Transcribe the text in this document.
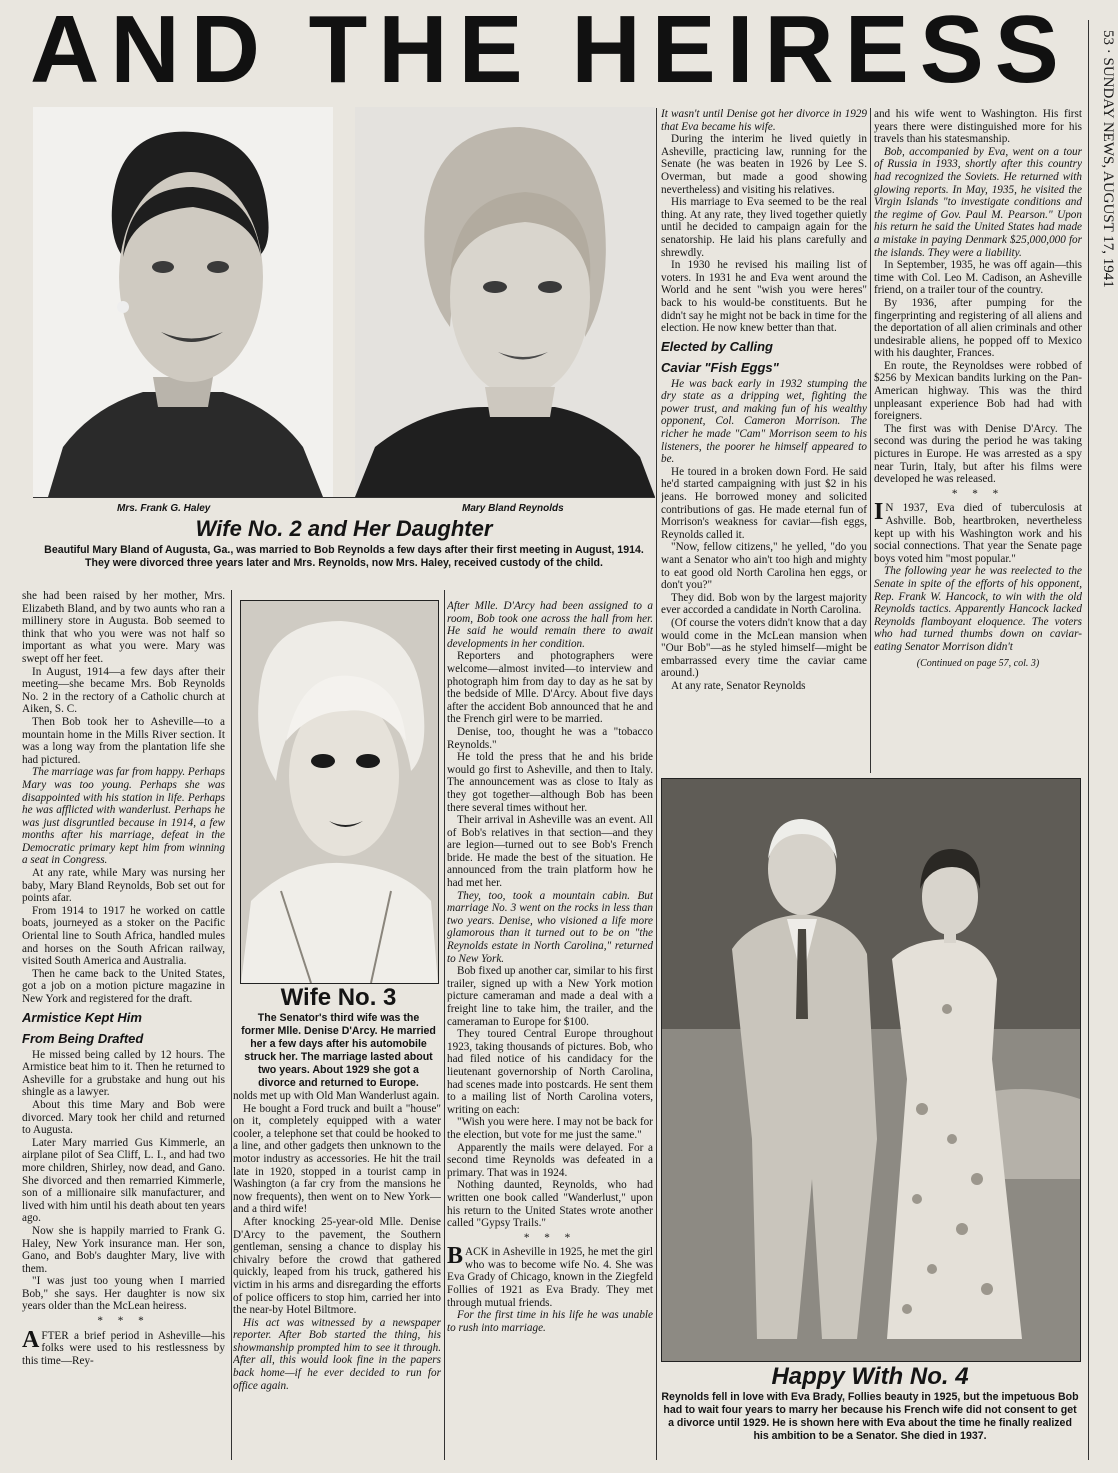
AND THE HEIRESS	53 · SUNDAY NEWS, AUGUST 17, 1941
Mrs. Frank G. Haley	Mary Bland Reynolds
Wife No. 2 and Her Daughter
Beautiful Mary Bland of Augusta, Ga., was married to Bob Reynolds a few days after their first meeting in August, 1914. They were divorced three years later and Mrs. Reynolds, now Mrs. Haley, received custody of the child.

she had been raised by her mother, Mrs. Elizabeth Bland, and by two aunts who ran a millinery store in Augusta. Bob seemed to think that who you were was not half so important as what you were. Mary was swept off her feet.

In August, 1914—a few days after their meeting—she became Mrs. Bob Reynolds No. 2 in the rectory of a Catholic church at Aiken, S. C.

Then Bob took her to Asheville—to a mountain home in the Mills River section. It was a long way from the plantation life she had pictured.

The marriage was far from happy. Perhaps Mary was too young. Perhaps she was disappointed with his station in life. Perhaps he was afflicted with wanderlust. Perhaps he was just disgruntled because in 1914, a few months after his marriage, defeat in the Democratic primary kept him from winning a seat in Congress.

At any rate, while Mary was nursing her baby, Mary Bland Reynolds, Bob set out for points afar.

From 1914 to 1917 he worked on cattle boats, journeyed as a stoker on the Pacific Oriental line to South Africa, handled mules and horses on the South African railway, visited South America and Australia.

Then he came back to the United States, got a job on a motion picture magazine in New York and registered for the draft.

Armistice Kept Him

From Being Drafted

He missed being called by 12 hours. The Armistice beat him to it. Then he returned to Asheville for a grubstake and hung out his shingle as a lawyer.

About this time Mary and Bob were divorced. Mary took her child and returned to Augusta.

Later Mary married Gus Kimmerle, an airplane pilot of Sea Cliff, L. I., and had two more children, Shirley, now dead, and Gano. She divorced and then remarried Kimmerle, son of a millionaire silk manufacturer, and lived with him until his death about ten years ago.

Now she is happily married to Frank G. Haley, New York insurance man. Her son, Gano, and Bob's daughter Mary, live with them.

"I was just too young when I married Bob," she says. Her daughter is now six years older than the McLean heiress.

* * *

AFTER a brief period in Asheville—his folks were used to his restlessness by this time—Rey-

Wife No. 3
The Senator's third wife was the former Mlle. Denise D'Arcy. He married her a few days after his automobile struck her. The marriage lasted about two years. About 1929 she got a divorce and returned to Europe.

nolds met up with Old Man Wanderlust again.

He bought a Ford truck and built a "house" on it, completely equipped with a water cooler, a telephone set that could be hooked to a line, and other gadgets then unknown to the motor industry as accessories. He hit the trail late in 1920, stopped in a tourist camp in Washington (a far cry from the mansions he now frequents), then went on to New York—and a third wife!

After knocking 25-year-old Mlle. Denise D'Arcy to the pavement, the Southern gentleman, sensing a chance to display his chivalry before the crowd that gathered quickly, leaped from his truck, gathered his victim in his arms and disregarding the efforts of police officers to stop him, carried her into the near-by Hotel Biltmore.

His act was witnessed by a newspaper reporter. After Bob started the thing, his showmanship prompted him to see it through. After all, this would look fine in the papers back home—if he ever decided to run for office again.

After Mlle. D'Arcy had been assigned to a room, Bob took one across the hall from her. He said he would remain there to await developments in her condition.

Reporters and photographers were welcome—almost invited—to interview and photograph him from day to day as he sat by the bedside of Mlle. D'Arcy. About five days after the accident Bob announced that he and the French girl were to be married.

Denise, too, thought he was a "tobacco Reynolds."

He told the press that he and his bride would go first to Asheville, and then to Italy. The announcement was as close to Italy as they got together—although Bob has been there several times without her.

Their arrival in Asheville was an event. All of Bob's relatives in that section—and they are legion—turned out to see Bob's French bride. He made the best of the situation. He announced from the train platform how he had met her.

They, too, took a mountain cabin. But marriage No. 3 went on the rocks in less than two years. Denise, who visioned a life more glamorous than it turned out to be on "the Reynolds estate in North Carolina," returned to New York.

Bob fixed up another car, similar to his first trailer, signed up with a New York motion picture cameraman and made a deal with a freight line to take him, the trailer, and the cameraman to Europe for $100.

They toured Central Europe throughout 1923, taking thousands of pictures. Bob, who had filed notice of his candidacy for the lieutenant governorship of North Carolina, had scenes made into postcards. He sent them to a mailing list of North Carolina voters, writing on each:

"Wish you were here. I may not be back for the election, but vote for me just the same."

Apparently the mails were delayed. For a second time Reynolds was defeated in a primary. That was in 1924.

Nothing daunted, Reynolds, who had written one book called "Wanderlust," upon his return to the United States wrote another called "Gypsy Trails."

* * *

BACK in Asheville in 1925, he met the girl who was to become wife No. 4. She was Eva Grady of Chicago, known in the Ziegfeld Follies of 1921 as Eva Brady. They met through mutual friends.

For the first time in his life he was unable to rush into marriage.

It wasn't until Denise got her divorce in 1929 that Eva became his wife.

During the interim he lived quietly in Asheville, practicing law, running for the Senate (he was beaten in 1926 by Lee S. Overman, but made a good showing nevertheless) and visiting his relatives.

His marriage to Eva seemed to be the real thing. At any rate, they lived together quietly until he decided to campaign again for the senatorship. He laid his plans carefully and shrewdly.

In 1930 he revised his mailing list of voters. In 1931 he and Eva went around the World and he sent "wish you were heres" back to his would-be constituents. But he didn't say he might not be back in time for the election. He now knew better than that.

Elected by Calling

Caviar "Fish Eggs"

He was back early in 1932 stumping the dry state as a dripping wet, fighting the power trust, and making fun of his wealthy opponent, Col. Cameron Morrison. The richer he made "Cam" Morrison seem to his listeners, the poorer he himself appeared to be.

He toured in a broken down Ford. He said he'd started campaigning with just $2 in his jeans. He borrowed money and solicited contributions of gas. He made eternal fun of Morrison's weakness for caviar—fish eggs, Reynolds called it.

"Now, fellow citizens," he yelled, "do you want a Senator who ain't too high and mighty to eat good old North Carolina hen eggs, or don't you?"

They did. Bob won by the largest majority ever accorded a candidate in North Carolina.

(Of course the voters didn't know that a day would come in the McLean mansion when "Our Bob"—as he styled himself—might be embarrassed every time the caviar came around.)

At any rate, Senator Reynolds

and his wife went to Washington. His first years there were distinguished more for his travels than his statesmanship.

Bob, accompanied by Eva, went on a tour of Russia in 1933, shortly after this country had recognized the Soviets. He returned with glowing reports. In May, 1935, he visited the Virgin Islands "to investigate conditions and the regime of Gov. Paul M. Pearson." Upon his return he said the United States had made a mistake in paying Denmark $25,000,000 for the islands. They were a liability.

In September, 1935, he was off again—this time with Col. Leo M. Cadison, an Asheville friend, on a trailer tour of the country.

By 1936, after pumping for the fingerprinting and registering of all aliens and the deportation of all alien criminals and other undesirable aliens, he popped off to Mexico with his daughter, Frances.

En route, the Reynoldses were robbed of $256 by Mexican bandits lurking on the Pan-American highway. This was the third unpleasant experience Bob had had with foreigners.

The first was with Denise D'Arcy. The second was during the period he was taking pictures in Europe. He was arrested as a spy near Turin, Italy, but after his films were developed he was released.

* * *

I N 1937, Eva died of tuberculosis at Ashville. Bob, heartbroken, nevertheless kept up with his Washington work and his social connections. That year the Senate page boys voted him "most popular."

The following year he was reelected to the Senate in spite of the efforts of his opponent, Rep. Frank W. Hancock, to win with the old Reynolds tactics. Apparently Hancock lacked Reynolds flamboyant eloquence. The voters who had turned thumbs down on caviar-eating Senator Morrison didn't

(Continued on page 57, col. 3)

Happy With No. 4
Reynolds fell in love with Eva Brady, Follies beauty in 1925, but the impetuous Bob had to wait four years to marry her because his French wife did not consent to get a divorce until 1929. He is shown here with Eva about the time he finally realized his ambition to be a Senator. She died in 1937.
